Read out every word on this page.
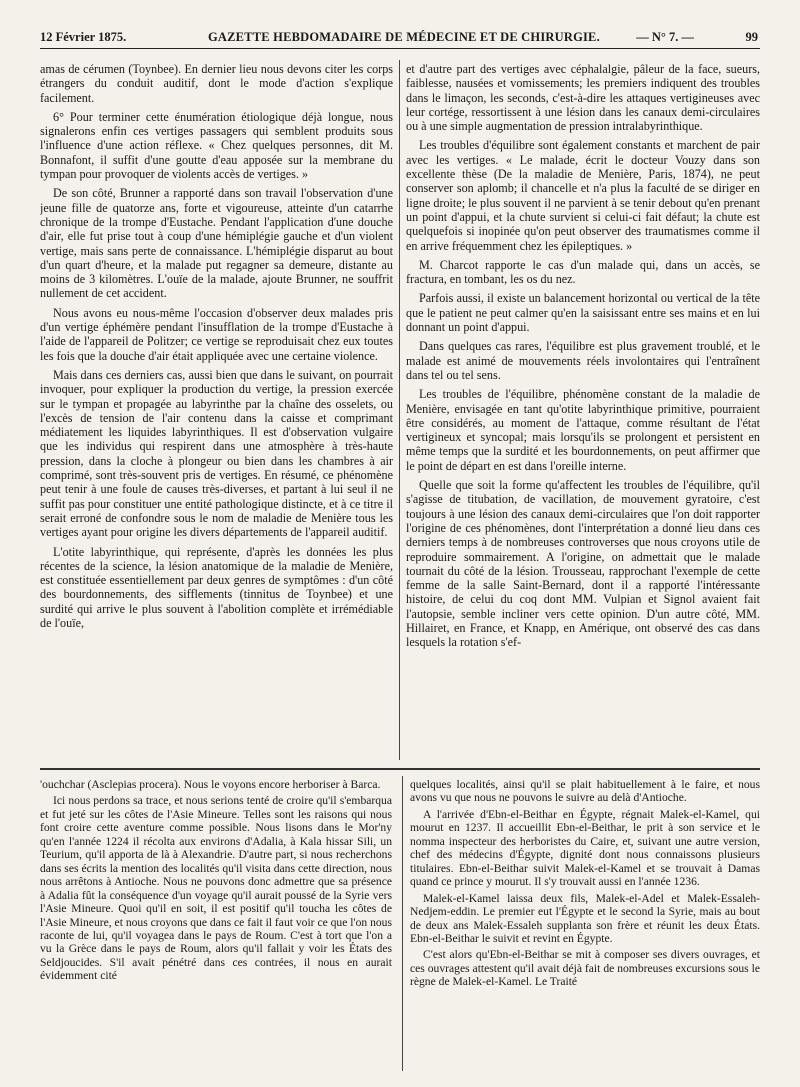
12 Février 1875.	GAZETTE HEBDOMADAIRE DE MÉDECINE ET DE CHIRURGIE.	— N° 7. —	99

amas de cérumen (Toynbee). En dernier lieu nous devons citer les corps étrangers du conduit auditif, dont le mode d'action s'explique facilement.

6° Pour terminer cette énumération étiologique déjà longue, nous signalerons enfin ces vertiges passagers qui semblent produits sous l'influence d'une action réflexe. « Chez quelques personnes, dit M. Bonnafont, il suffit d'une goutte d'eau apposée sur la membrane du tympan pour provoquer de violents accès de vertiges. »

De son côté, Brunner a rapporté dans son travail l'observation d'une jeune fille de quatorze ans, forte et vigoureuse, atteinte d'un catarrhe chronique de la trompe d'Eustache. Pendant l'application d'une douche d'air, elle fut prise tout à coup d'une hémiplégie gauche et d'un violent vertige, mais sans perte de connaissance. L'hémiplégie disparut au bout d'un quart d'heure, et la malade put regagner sa demeure, distante au moins de 3 kilomètres. L'ouïe de la malade, ajoute Brunner, ne souffrit nullement de cet accident.

Nous avons eu nous-même l'occasion d'observer deux malades pris d'un vertige éphémère pendant l'insufflation de la trompe d'Eustache à l'aide de l'appareil de Politzer; ce vertige se reproduisait chez eux toutes les fois que la douche d'air était appliquée avec une certaine violence.

Mais dans ces derniers cas, aussi bien que dans le suivant, on pourrait invoquer, pour expliquer la production du vertige, la pression exercée sur le tympan et propagée au labyrinthe par la chaîne des osselets, ou l'excès de tension de l'air contenu dans la caisse et comprimant médiatement les liquides labyrinthiques. Il est d'observation vulgaire que les individus qui respirent dans une atmosphère à très-haute pression, dans la cloche à plongeur ou bien dans les chambres à air comprimé, sont très-souvent pris de vertiges. En résumé, ce phénomène peut tenir à une foule de causes très-diverses, et partant à lui seul il ne suffit pas pour constituer une entité pathologique distincte, et à ce titre il serait erroné de confondre sous le nom de maladie de Menière tous les vertiges ayant pour origine les divers départements de l'appareil auditif.

L'otite labyrinthique, qui représente, d'après les données les plus récentes de la science, la lésion anatomique de la maladie de Menière, est constituée essentiellement par deux genres de symptômes : d'un côté des bourdonnements, des sifflements (tinnitus de Toynbee) et une surdité qui arrive le plus souvent à l'abolition complète et irrémédiable de l'ouïe,

et d'autre part des vertiges avec céphalalgie, pâleur de la face, sueurs, faiblesse, nausées et vomissements; les premiers indiquent des troubles dans le limaçon, les seconds, c'est-à-dire les attaques vertigineuses avec leur cortége, ressortissent à une lésion dans les canaux demi-circulaires ou à une simple augmentation de pression intralabyrinthique.

Les troubles d'équilibre sont également constants et marchent de pair avec les vertiges. « Le malade, écrit le docteur Vouzy dans son excellente thèse (De la maladie de Menière, Paris, 1874), ne peut conserver son aplomb; il chancelle et n'a plus la faculté de se diriger en ligne droite; le plus souvent il ne parvient à se tenir debout qu'en prenant un point d'appui, et la chute survient si celui-ci fait défaut; la chute est quelquefois si inopinée qu'on peut observer des traumatismes comme il en arrive fréquemment chez les épileptiques. »

M. Charcot rapporte le cas d'un malade qui, dans un accès, se fractura, en tombant, les os du nez.

Parfois aussi, il existe un balancement horizontal ou vertical de la tête que le patient ne peut calmer qu'en la saisissant entre ses mains et en lui donnant un point d'appui.

Dans quelques cas rares, l'équilibre est plus gravement troublé, et le malade est animé de mouvements réels involontaires qui l'entraînent dans tel ou tel sens.

Les troubles de l'équilibre, phénomène constant de la maladie de Menière, envisagée en tant qu'otite labyrinthique primitive, pourraient être considérés, au moment de l'attaque, comme résultant de l'état vertigineux et syncopal; mais lorsqu'ils se prolongent et persistent en même temps que la surdité et les bourdonnements, on peut affirmer que le point de départ en est dans l'oreille interne.

Quelle que soit la forme qu'affectent les troubles de l'équilibre, qu'il s'agisse de titubation, de vacillation, de mouvement gyratoire, c'est toujours à une lésion des canaux demi-circulaires que l'on doit rapporter l'origine de ces phénomènes, dont l'interprétation a donné lieu dans ces derniers temps à de nombreuses controverses que nous croyons utile de reproduire sommairement. A l'origine, on admettait que le malade tournait du côté de la lésion. Trousseau, rapprochant l'exemple de cette femme de la salle Saint-Bernard, dont il a rapporté l'intéressante histoire, de celui du coq dont MM. Vulpian et Signol avaient fait l'autopsie, semble incliner vers cette opinion. D'un autre côté, MM. Hillairet, en France, et Knapp, en Amérique, ont observé des cas dans lesquels la rotation s'ef-

'ouchchar (Asclepias procera). Nous le voyons encore herboriser à Barca.

Ici nous perdons sa trace, et nous serions tenté de croire qu'il s'embarqua et fut jeté sur les côtes de l'Asie Mineure. Telles sont les raisons qui nous font croire cette aventure comme possible. Nous lisons dans le Mor'ny qu'en l'année 1224 il récolta aux environs d'Adalia, à Kala hissar Sili, un Teurium, qu'il apporta de là à Alexandrie. D'autre part, si nous recherchons dans ses écrits la mention des localités qu'il visita dans cette direction, nous nous arrêtons à Antioche. Nous ne pouvons donc admettre que sa présence à Adalia fût la conséquence d'un voyage qu'il aurait poussé de la Syrie vers l'Asie Mineure. Quoi qu'il en soit, il est positif qu'il toucha les côtes de l'Asie Mineure, et nous croyons que dans ce fait il faut voir ce que l'on nous raconte de lui, qu'il voyagea dans le pays de Roum. C'est à tort que l'on a vu la Grèce dans le pays de Roum, alors qu'il fallait y voir les États des Seldjoucides. S'il avait pénétré dans ces contrées, il nous en aurait évidemment cité

quelques localités, ainsi qu'il se plait habituellement à le faire, et nous avons vu que nous ne pouvons le suivre au delà d'Antioche.

A l'arrivée d'Ebn-el-Beithar en Égypte, régnait Malek-el-Kamel, qui mourut en 1237. Il accueillit Ebn-el-Beithar, le prit à son service et le nomma inspecteur des herboristes du Caire, et, suivant une autre version, chef des médecins d'Égypte, dignité dont nous connaissons plusieurs titulaires. Ebn-el-Beithar suivit Malek-el-Kamel et se trouvait à Damas quand ce prince y mourut. Il s'y trouvait aussi en l'année 1236.

Malek-el-Kamel laissa deux fils, Malek-el-Adel et Malek-Essaleh-Nedjem-eddin. Le premier eut l'Égypte et le second la Syrie, mais au bout de deux ans Malek-Essaleh supplanta son frère et réunit les deux États. Ebn-el-Beithar le suivit et revint en Égypte.

C'est alors qu'Ebn-el-Beithar se mit à composer ses divers ouvrages, et ces ouvrages attestent qu'il avait déjà fait de nombreuses excursions sous le règne de Malek-el-Kamel. Le Traité
